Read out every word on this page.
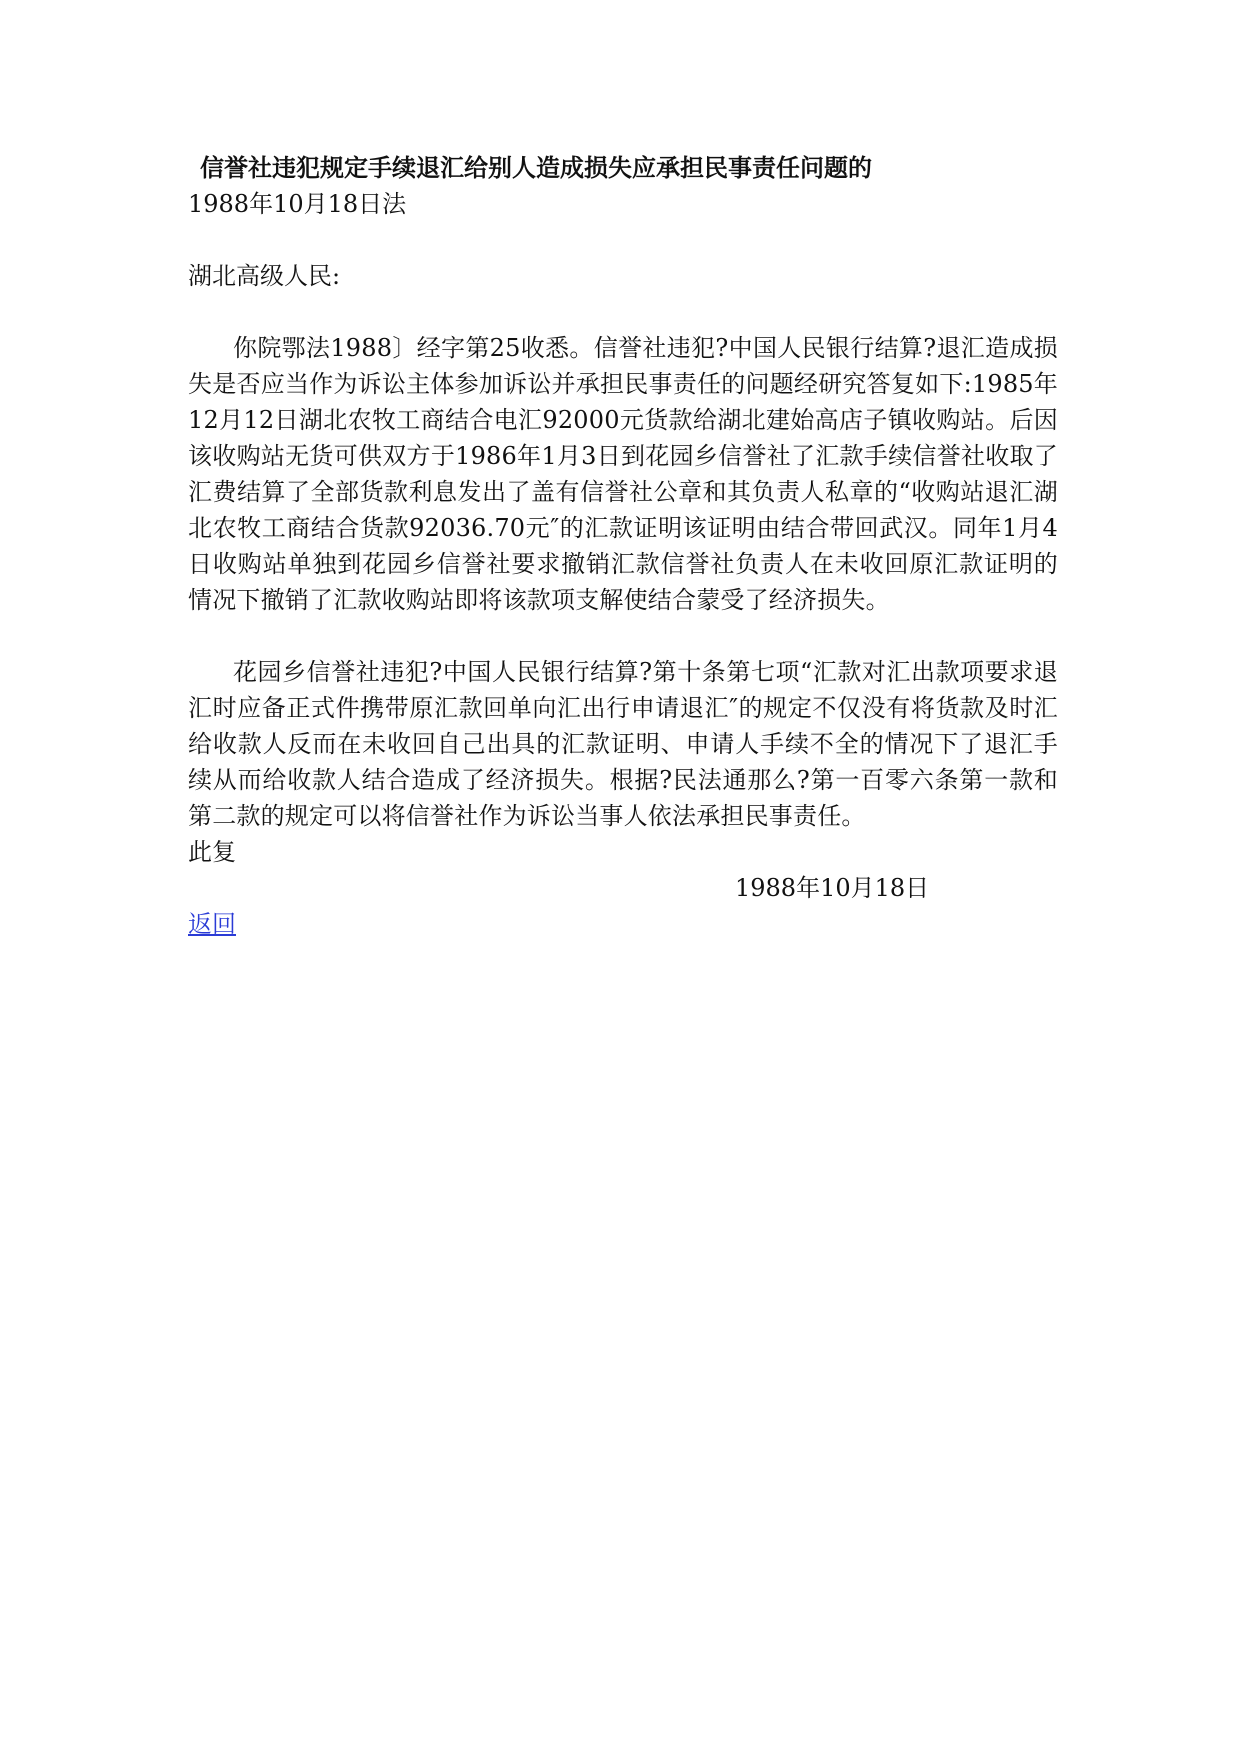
信誉社违犯规定手续退汇给别人造成损失应承担民事责任问题的
1988年10月18日法
湖北高级人民:

你院鄂法1988〕经字第25收悉。信誉社违犯?中国人民银行结算?退汇造成损失是否应当作为诉讼主体参加诉讼并承担民事责任的问题经研究答复如下:1985年12月12日湖北农牧工商结合电汇92000元货款给湖北建始高店子镇收购站。后因该收购站无货可供双方于1986年1月3日到花园乡信誉社了汇款手续信誉社收取了汇费结算了全部货款利息发出了盖有信誉社公章和其负责人私章的“收购站退汇湖北农牧工商结合货款92036.70元″的汇款证明该证明由结合带回武汉。同年1月4日收购站单独到花园乡信誉社要求撤销汇款信誉社负责人在未收回原汇款证明的情况下撤销了汇款收购站即将该款项支解使结合蒙受了经济损失。

花园乡信誉社违犯?中国人民银行结算?第十条第七项“汇款对汇出款项要求退汇时应备正式件携带原汇款回单向汇出行申请退汇″的规定不仅没有将货款及时汇给收款人反而在未收回自己出具的汇款证明、申请人手续不全的情况下了退汇手续从而给收款人结合造成了经济损失。根据?民法通那么?第一百零六条第一款和第二款的规定可以将信誉社作为诉讼当事人依法承担民事责任。

此复
1988年10月18日
返回
